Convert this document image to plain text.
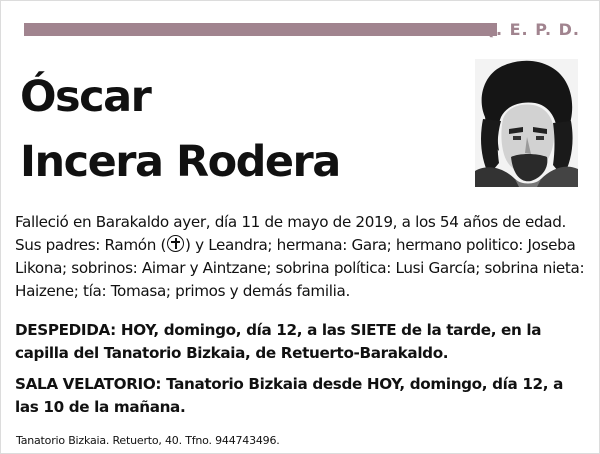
Q. E. P. D.
Óscar
Incera Rodera
Falleció en Barakaldo ayer, día 11 de mayo de 2019, a los 54 años de edad.
Sus padres: Ramón ( ) y Leandra; hermana: Gara; hermano politico: Joseba Likona; sobrinos: Aimar y Aintzane; sobrina política: Lusi García; sobrina nieta: Haizene; tía: Tomasa; primos y demás familia.
DESPEDIDA: HOY, domingo, día 12, a las SIETE de la tarde, en la capilla del Tanatorio Bizkaia, de Retuerto-Barakaldo.
SALA VELATORIO: Tanatorio Bizkaia desde HOY, domingo, día 12, a las 10 de la mañana.
Tanatorio Bizkaia. Retuerto, 40. Tfno. 944743496.
